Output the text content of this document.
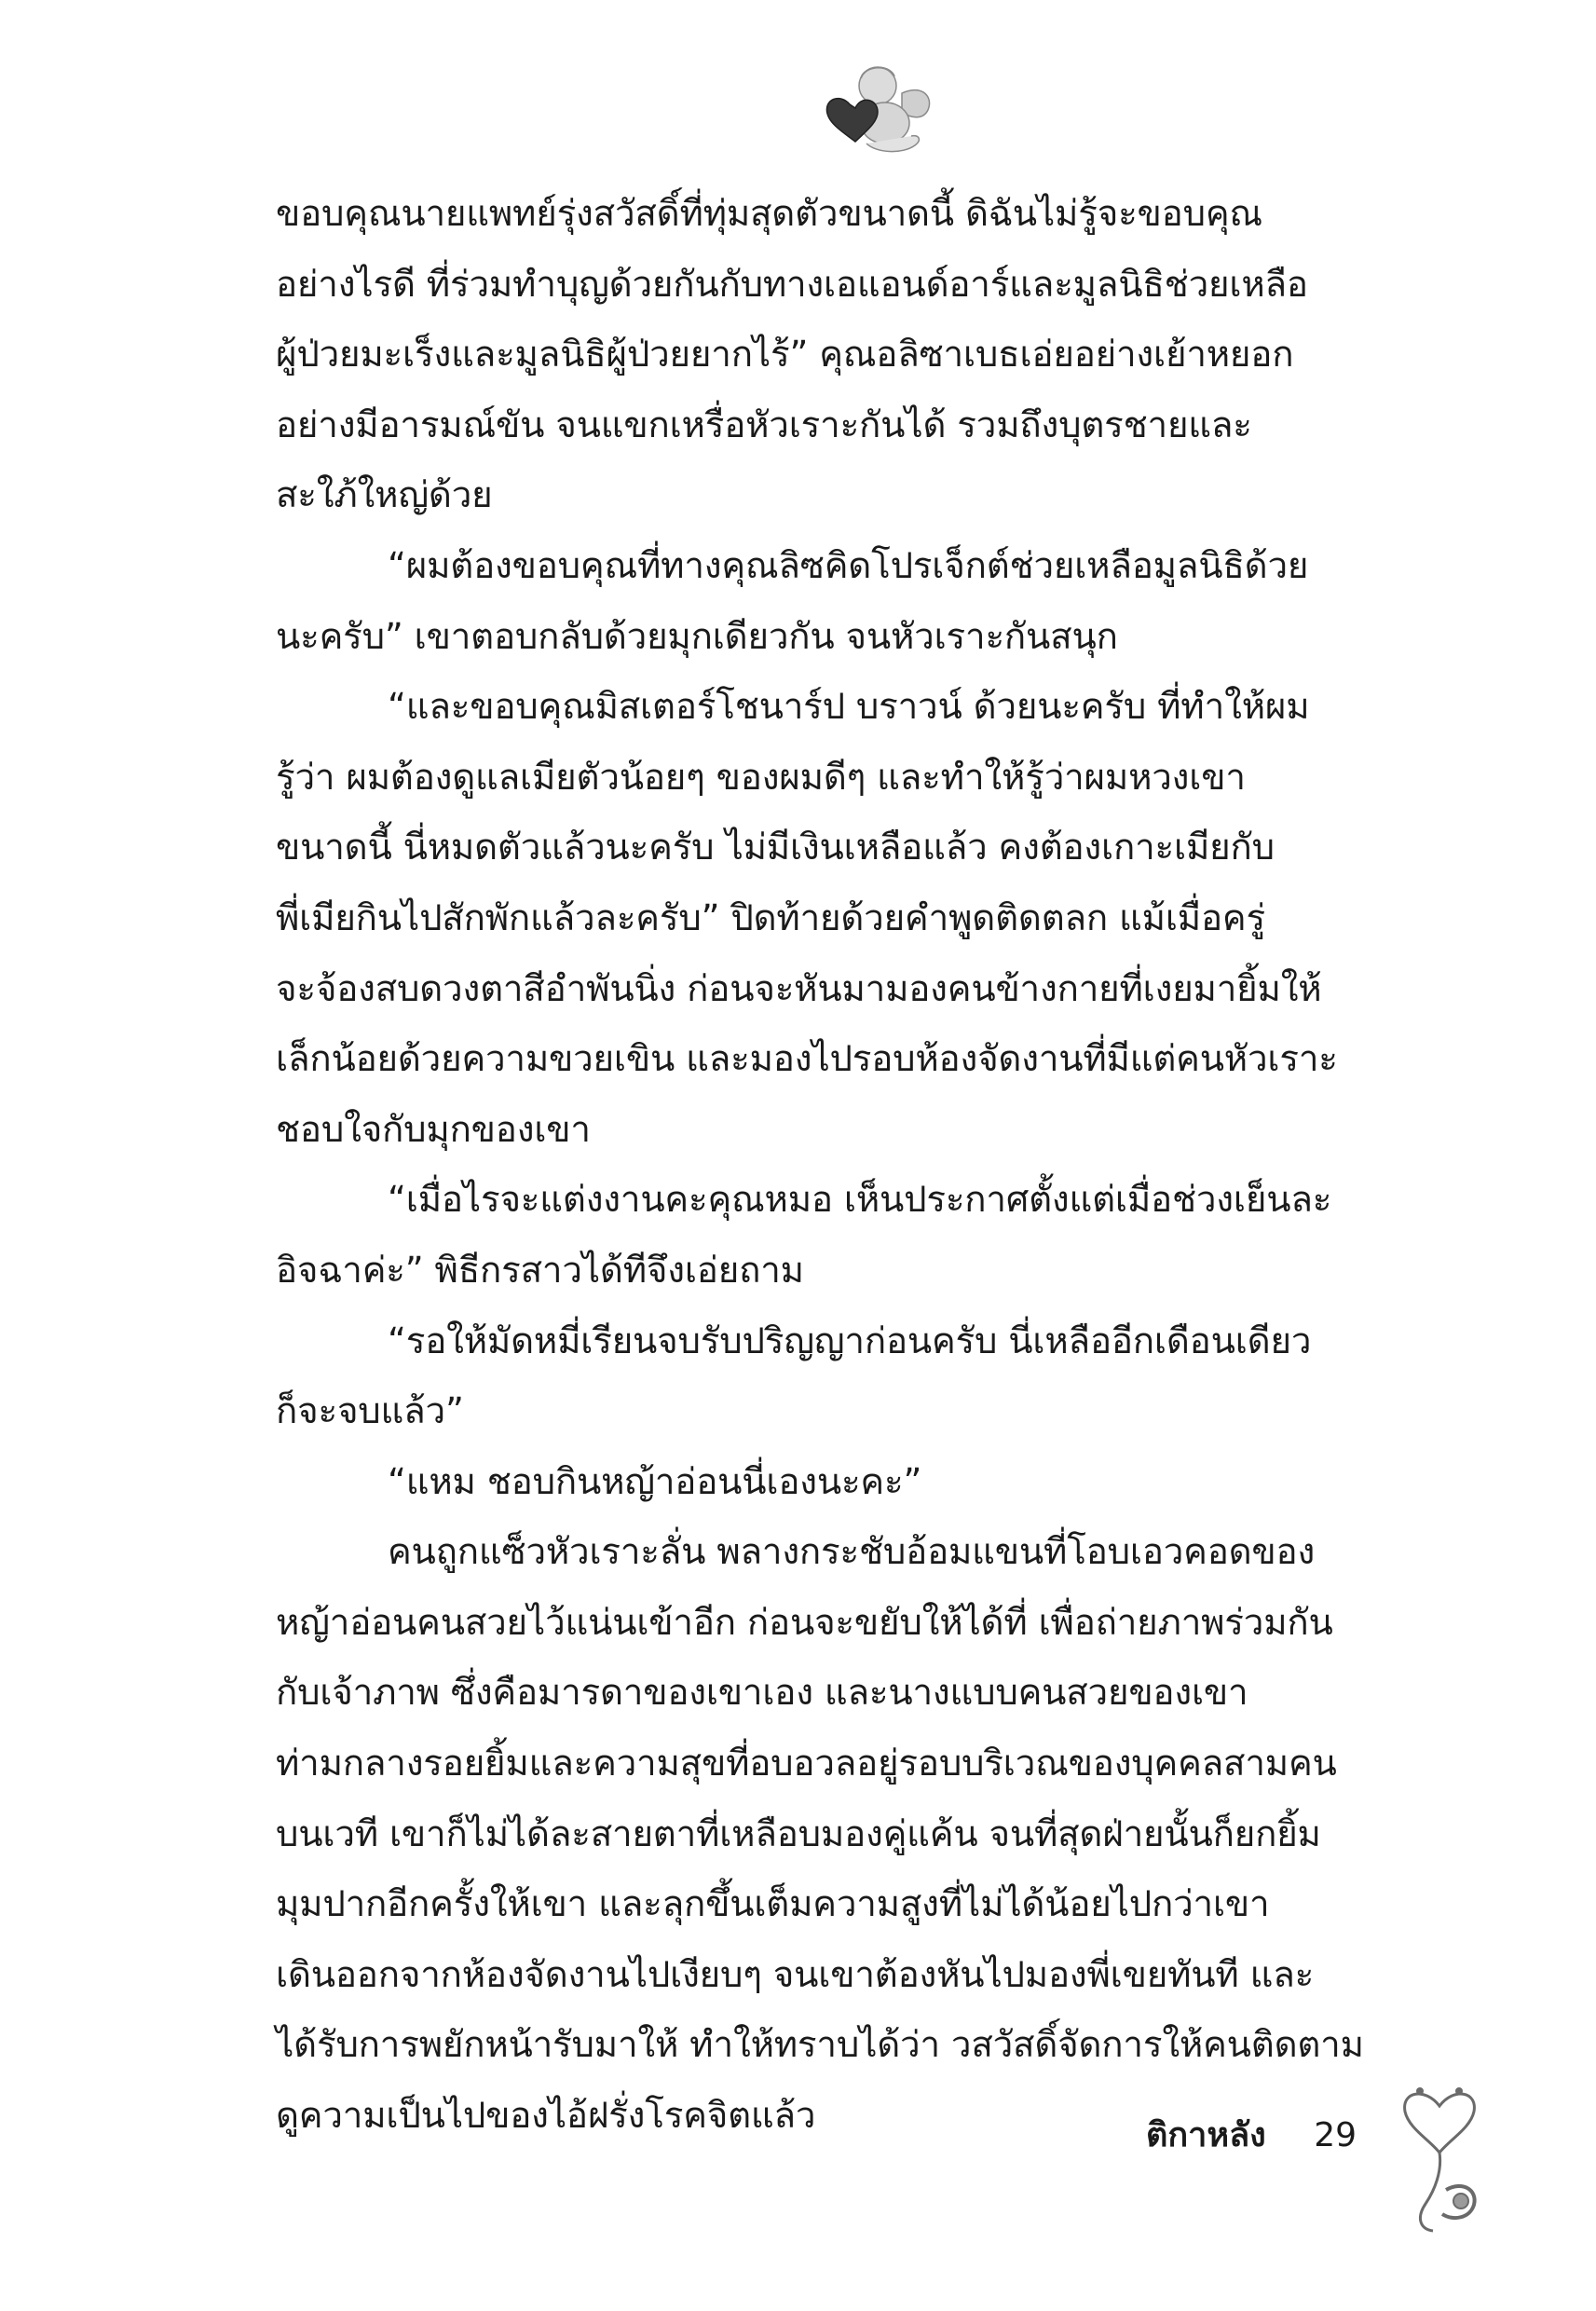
ขอบคุณนายแพทย์รุ่งสวัสดิ์ที่ทุ่มสุดตัวขนาดนี้ ดิฉันไม่รู้จะขอบคุณ
อย่างไรดี ที่ร่วมทำบุญด้วยกันกับทางเอแอนด์อาร์และมูลนิธิช่วยเหลือ
ผู้ป่วยมะเร็งและมูลนิธิผู้ป่วยยากไร้” คุณอลิซาเบธเอ่ยอย่างเย้าหยอก
อย่างมีอารมณ์ขัน จนแขกเหรื่อหัวเราะกันได้ รวมถึงบุตรชายและ
สะใภ้ใหญ่ด้วย
“ผมต้องขอบคุณที่ทางคุณลิซคิดโปรเจ็กต์ช่วยเหลือมูลนิธิด้วย
นะครับ” เขาตอบกลับด้วยมุกเดียวกัน จนหัวเราะกันสนุก
“และขอบคุณมิสเตอร์โชนาร์ป บราวน์ ด้วยนะครับ ที่ทำให้ผม
รู้ว่า ผมต้องดูแลเมียตัวน้อยๆ ของผมดีๆ และทำให้รู้ว่าผมหวงเขา
ขนาดนี้ นี่หมดตัวแล้วนะครับ ไม่มีเงินเหลือแล้ว คงต้องเกาะเมียกับ
พี่เมียกินไปสักพักแล้วละครับ” ปิดท้ายด้วยคำพูดติดตลก แม้เมื่อครู่
จะจ้องสบดวงตาสีอำพันนิ่ง ก่อนจะหันมามองคนข้างกายที่เงยมายิ้มให้
เล็กน้อยด้วยความขวยเขิน และมองไปรอบห้องจัดงานที่มีแต่คนหัวเราะ
ชอบใจกับมุกของเขา
“เมื่อไรจะแต่งงานคะคุณหมอ เห็นประกาศตั้งแต่เมื่อช่วงเย็นละ
อิจฉาค่ะ” พิธีกรสาวได้ทีจึงเอ่ยถาม
“รอให้มัดหมี่เรียนจบรับปริญญาก่อนครับ นี่เหลืออีกเดือนเดียว
ก็จะจบแล้ว”
“แหม ชอบกินหญ้าอ่อนนี่เองนะคะ”
คนถูกแซ็วหัวเราะลั่น พลางกระชับอ้อมแขนที่โอบเอวคอดของ
หญ้าอ่อนคนสวยไว้แน่นเข้าอีก ก่อนจะขยับให้ได้ที่ เพื่อถ่ายภาพร่วมกัน
กับเจ้าภาพ ซึ่งคือมารดาของเขาเอง และนางแบบคนสวยของเขา
ท่ามกลางรอยยิ้มและความสุขที่อบอวลอยู่รอบบริเวณของบุคคลสามคน
บนเวที เขาก็ไม่ได้ละสายตาที่เหลือบมองคู่แค้น จนที่สุดฝ่ายนั้นก็ยกยิ้ม
มุมปากอีกครั้งให้เขา และลุกขึ้นเต็มความสูงที่ไม่ได้น้อยไปกว่าเขา
เดินออกจากห้องจัดงานไปเงียบๆ จนเขาต้องหันไปมองพี่เขยทันที และ
ได้รับการพยักหน้ารับมาให้ ทำให้ทราบได้ว่า วสวัสดิ์จัดการให้คนติดตาม
ดูความเป็นไปของไอ้ฝรั่งโรคจิตแล้ว	ติกาหลัง 29
